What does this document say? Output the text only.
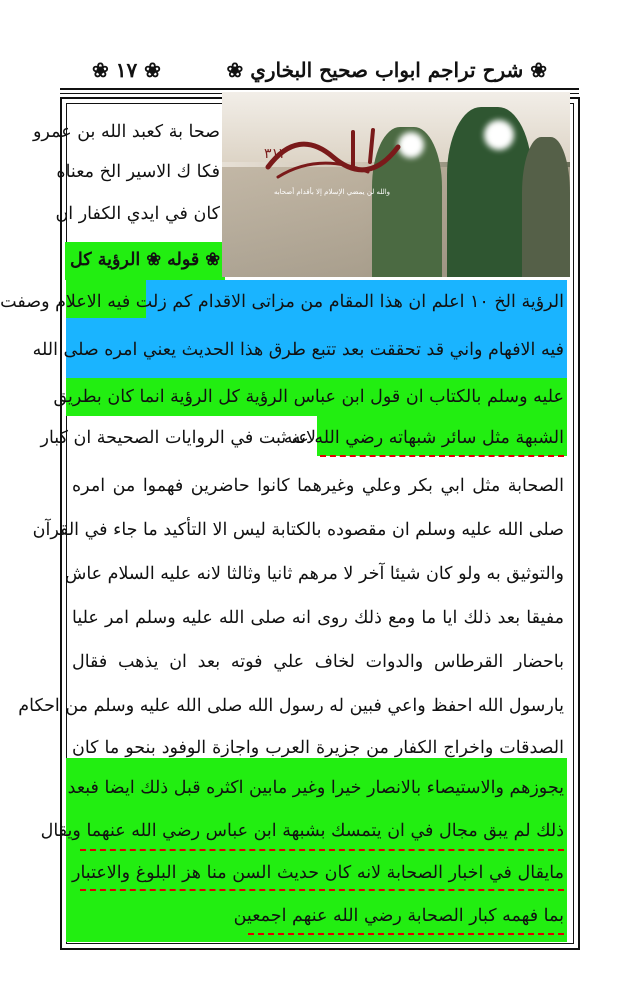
❀ شرح تراجم ابواب صحيح البخاري ❀
❀ ۱۷ ❀
صحا بة كعبد الله بن عمرو
فكا ك الاسير الخ معناه
كان في ايدي الكفار ان
❀ قوله ❀ الرؤية كل
الرؤية الخ ١٠ اعلم ان هذا المقام من مزاتى الاقدام كم زلت فيه الاعلام وصفت
فيه الافهام واني قد تحققت بعد تتبع طرق هذا الحديث يعني امره صلى الله
عليه وسلم بالكتاب ان قول ابن عباس الرؤية كل الرؤية انما كان بطريق
الشبهة مثل سائر شبهاته رضي الله عنه
لانه ثبت في الروايات الصحيحة ان كبار
الصحابة مثل ابي بكر وعلي وغيرهما كانوا حاضرين فهموا من امره
صلى الله عليه وسلم ان مقصوده بالكتابة ليس الا التأكيد ما جاء في القرآن
والتوثيق به ولو كان شيئا آخر لا مرهم ثانيا وثالثا لانه عليه السلام عاش
مفيقا بعد ذلك ايا ما ومع ذلك روى انه صلى الله عليه وسلم امر عليا
باحضار القرطاس والدوات لخاف علي فوته بعد ان يذهب فقال
يارسول الله احفظ واعي فبين له رسول الله صلى الله عليه وسلم من احكام
الصدقات واخراج الكفار من جزيرة العرب واجازة الوفود بنحو ما كان
يجوزهم والاستيصاء بالانصار خيرا وغير مابين اكثره قبل ذلك ايضا فبعد
ذلك لم يبق مجال في ان يتمسك بشبهة ابن عباس رضي الله عنهما ويقال
مايقال في اخبار الصحابة لانه كان حديث السن منا هز البلوغ والاعتبار
بما فهمه كبار الصحابة رضي الله عنهم اجمعين
۳۱۳
والله لن يمضي الإسلام إلا بأقدام أصحابه
